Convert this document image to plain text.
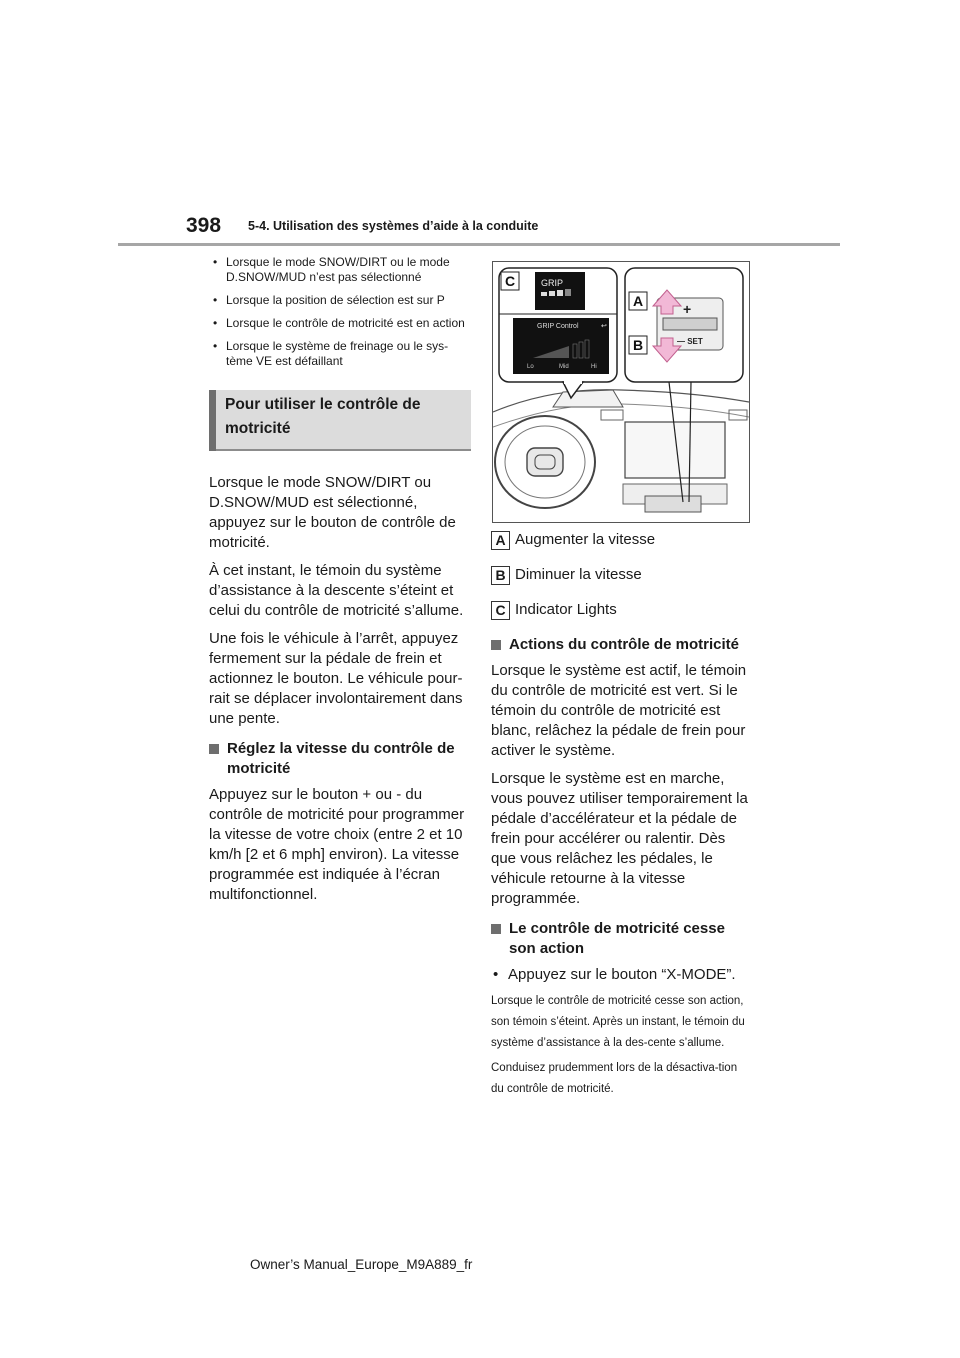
398 5-4. Utilisation des systèmes d’aide à la conduite
• Lorsque le mode SNOW/DIRT ou le mode D.SNOW/MUD n’est pas sélectionné
• Lorsque la position de sélection est sur P
• Lorsque le contrôle de motricité est en action
• Lorsque le système de freinage ou le sys-tème VE est défaillant
Pour utiliser le contrôle de motricité

Lorsque le mode SNOW/DIRT ou D.SNOW/MUD est sélectionné, appuyez sur le bouton de contrôle de motricité.

À cet instant, le témoin du système d’assistance à la descente s’éteint et celui du contrôle de motricité s’allume.

Une fois le véhicule à l’arrêt, appuyez fermement sur la pédale de frein et actionnez le bouton. Le véhicule pour-rait se déplacer involontairement dans une pente.

Réglez la vitesse du contrôle de motricité

Appuyez sur le bouton + ou - du contrôle de motricité pour programmer la vitesse de votre choix (entre 2 et 10 km/h [2 et 6 mph] environ). La vitesse programmée est indiquée à l’écran multifonctionnel.

C	GRIP
GRIP Control	↩
Lo	Mid	Hi
A
B
+
— SET
A Augmenter la vitesse
B Diminuer la vitesse
C Indicator Lights
Actions du contrôle de motricité

Lorsque le système est actif, le témoin du contrôle de motricité est vert. Si le témoin du contrôle de motricité est blanc, relâchez la pédale de frein pour activer le système.

Lorsque le système est en marche, vous pouvez utiliser temporairement la pédale d’accélérateur et la pédale de frein pour accélérer ou ralentir. Dès que vous relâchez les pédales, le véhicule retourne à la vitesse programmée.

Le contrôle de motricité cesse son action

• Appuyez sur le bouton “X-MODE”.

Lorsque le contrôle de motricité cesse son action, son témoin s’éteint. Après un instant, le témoin du système d’assistance à la des-cente s’allume.

Conduisez prudemment lors de la désactiva-tion du contrôle de motricité.

Owner’s Manual_Europe_M9A889_fr
